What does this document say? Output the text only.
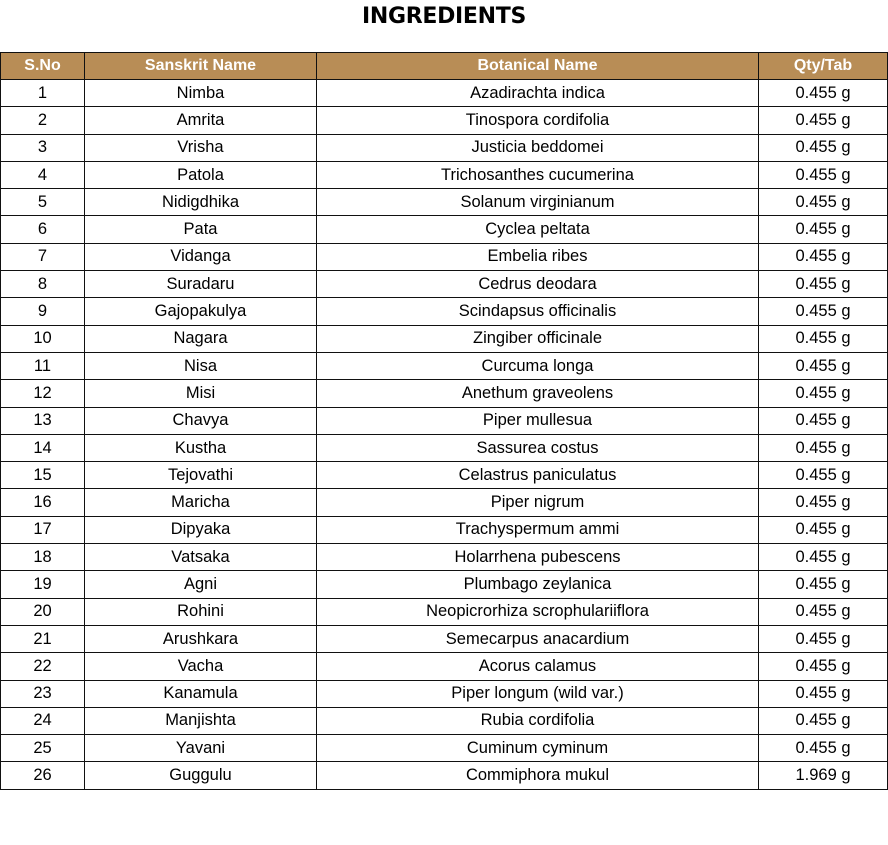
INGREDIENTS
S.No	Sanskrit Name	Botanical Name	Qty/Tab
1	Nimba	Azadirachta indica	0.455 g
2	Amrita	Tinospora cordifolia	0.455 g
3	Vrisha	Justicia beddomei	0.455 g
4	Patola	Trichosanthes cucumerina	0.455 g
5	Nidigdhika	Solanum virginianum	0.455 g
6	Pata	Cyclea peltata	0.455 g
7	Vidanga	Embelia ribes	0.455 g
8	Suradaru	Cedrus deodara	0.455 g
9	Gajopakulya	Scindapsus officinalis	0.455 g
10	Nagara	Zingiber officinale	0.455 g
11	Nisa	Curcuma longa	0.455 g
12	Misi	Anethum graveolens	0.455 g
13	Chavya	Piper mullesua	0.455 g
14	Kustha	Sassurea costus	0.455 g
15	Tejovathi	Celastrus paniculatus	0.455 g
16	Maricha	Piper nigrum	0.455 g
17	Dipyaka	Trachyspermum ammi	0.455 g
18	Vatsaka	Holarrhena pubescens	0.455 g
19	Agni	Plumbago zeylanica	0.455 g
20	Rohini	Neopicrorhiza scrophulariiflora	0.455 g
21	Arushkara	Semecarpus anacardium	0.455 g
22	Vacha	Acorus calamus	0.455 g
23	Kanamula	Piper longum (wild var.)	0.455 g
24	Manjishta	Rubia cordifolia	0.455 g
25	Yavani	Cuminum cyminum	0.455 g
26	Guggulu	Commiphora mukul	1.969 g
